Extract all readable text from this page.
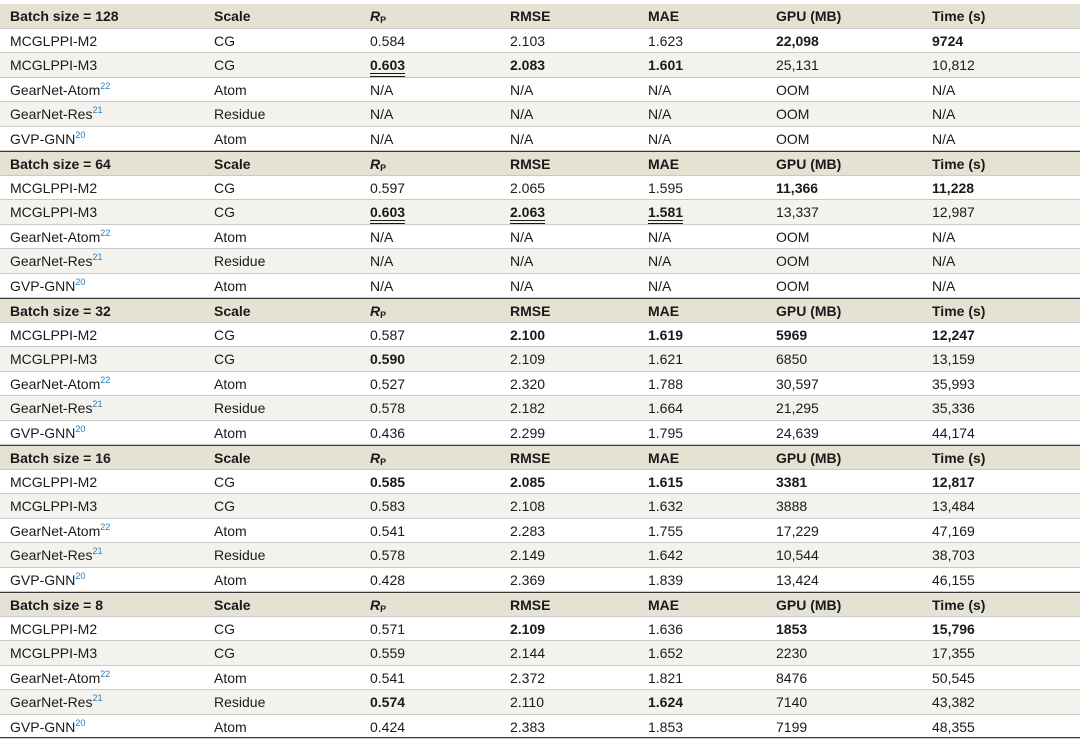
Batch size = 128	Scale	$R_P$	RMSE	MAE	GPU (MB)	Time (s)
MCGLPPI-M2	CG	0.584	2.103	1.623	22,098	9724
MCGLPPI-M3	CG	0.603	2.083	1.601	25,131	10,812
GearNet-Atom$^{22}$	Atom	N/A	N/A	N/A	OOM	N/A
GearNet-Res$^{21}$	Residue	N/A	N/A	N/A	OOM	N/A
GVP-GNN$^{20}$	Atom	N/A	N/A	N/A	OOM	N/A
Batch size = 64	Scale	$R_P$	RMSE	MAE	GPU (MB)	Time (s)
MCGLPPI-M2	CG	0.597	2.065	1.595	11,366	11,228
MCGLPPI-M3	CG	0.603	2.063	1.581	13,337	12,987
GearNet-Atom$^{22}$	Atom	N/A	N/A	N/A	OOM	N/A
GearNet-Res$^{21}$	Residue	N/A	N/A	N/A	OOM	N/A
GVP-GNN$^{20}$	Atom	N/A	N/A	N/A	OOM	N/A
Batch size = 32	Scale	$R_P$	RMSE	MAE	GPU (MB)	Time (s)
MCGLPPI-M2	CG	0.587	2.100	1.619	5969	12,247
MCGLPPI-M3	CG	0.590	2.109	1.621	6850	13,159
GearNet-Atom$^{22}$	Atom	0.527	2.320	1.788	30,597	35,993
GearNet-Res$^{21}$	Residue	0.578	2.182	1.664	21,295	35,336
GVP-GNN$^{20}$	Atom	0.436	2.299	1.795	24,639	44,174
Batch size = 16	Scale	$R_P$	RMSE	MAE	GPU (MB)	Time (s)
MCGLPPI-M2	CG	0.585	2.085	1.615	3381	12,817
MCGLPPI-M3	CG	0.583	2.108	1.632	3888	13,484
GearNet-Atom$^{22}$	Atom	0.541	2.283	1.755	17,229	47,169
GearNet-Res$^{21}$	Residue	0.578	2.149	1.642	10,544	38,703
GVP-GNN$^{20}$	Atom	0.428	2.369	1.839	13,424	46,155
Batch size = 8	Scale	$R_P$	RMSE	MAE	GPU (MB)	Time (s)
MCGLPPI-M2	CG	0.571	2.109	1.636	1853	15,796
MCGLPPI-M3	CG	0.559	2.144	1.652	2230	17,355
GearNet-Atom$^{22}$	Atom	0.541	2.372	1.821	8476	50,545
GearNet-Res$^{21}$	Residue	0.574	2.110	1.624	7140	43,382
GVP-GNN$^{20}$	Atom	0.424	2.383	1.853	7199	48,355
